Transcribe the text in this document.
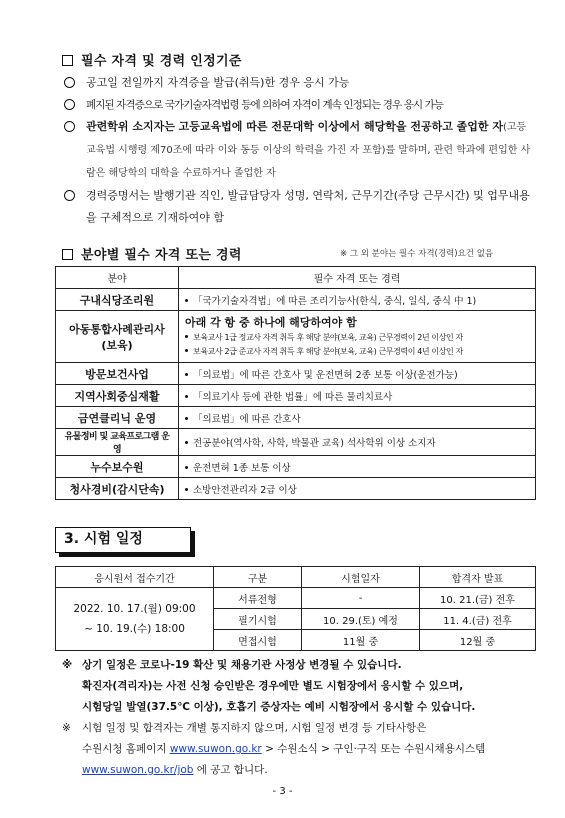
필수 자격 및 경력 인정기준
공고일 전일까지 자격증을 발급(취득)한 경우 응시 가능
폐지된 자격증으로 국가기술자격법령 등에 의하여 자격이 계속 인정되는 경우 응시 가능
관련학위 소지자는 고등교육법에 따른 전문대학 이상에서 해당학을 전공하고 졸업한 자(고등교육법 시행령 제70조에 따라 이와 동등 이상의 학력을 가진 자 포함)를 말하며, 관련 학과에 편입한 사람은 해당학의 대학을 수료하거나 졸업한 자
경력증명서는 발행기관 직인, 발급담당자 성명, 연락처, 근무기간(주당 근무시간) 및 업무내용을 구체적으로 기재하여야 함
분야별 필수 자격 또는 경력	※ 그 외 분야는 필수 자격(경력)요건 없음
분야	필수 자격 또는 경력
구내식당조리원	「국가기술자격법」에 따른 조리기능사(한식, 중식, 일식, 중식 中 1)
아동통합사례관리사 (보육)	아래 각 항 중 하나에 해당하여야 함
보육교사 1급 정교사 자격 취득 후 해당 분야(보육, 교육) 근무경력이 2년 이상인 자
보육교사 2급 준교사 자격 취득 후 해당 분야(보육, 교육) 근무경력이 4년 이상인 자

방문보건사업	「의료법」에 따른 간호사 및 운전면허 2종 보통 이상(운전가능)
지역사회중심재활	「의료기사 등에 관한 법률」에 따른 물리치료사
금연클리닉 운영	「의료법」에 따른 간호사
유물정비 및 교육프로그램 운영	전공분야(역사학, 사학, 박물관 교육) 석사학위 이상 소지자
누수보수원	운전면허 1종 보통 이상
청사경비(감시단속)	소방안전관리자 2급 이상
3. 시험 일정
응시원서 접수기간	구분	시험일자	합격자 발표

2022. 10. 17.(월) 09:00
~ 10. 19.(수) 18:00	서류전형	-	10. 21.(금) 전후
	필기시험	10. 29.(토) 예정	11. 4.(금) 전후
	면접시험	11월 중	12월 중
※ 상기 일정은 코로나-19 확산 및 채용기관 사정상 변경될 수 있습니다.
확진자(격리자)는 사전 신청 승인받은 경우에만 별도 시험장에서 응시할 수 있으며,
시험당일 발열(37.5℃ 이상), 호흡기 증상자는 예비 시험장에서 응시할 수 있습니다.
※ 시험 일정 및 합격자는 개별 통지하지 않으며, 시험 일정 변경 등 기타사항은
수원시청 홈페이지 www.suwon.go.kr > 수원소식 > 구인·구직 또는 수원시채용시스템
www.suwon.go.kr/job 에 공고 합니다.
- 3 -
